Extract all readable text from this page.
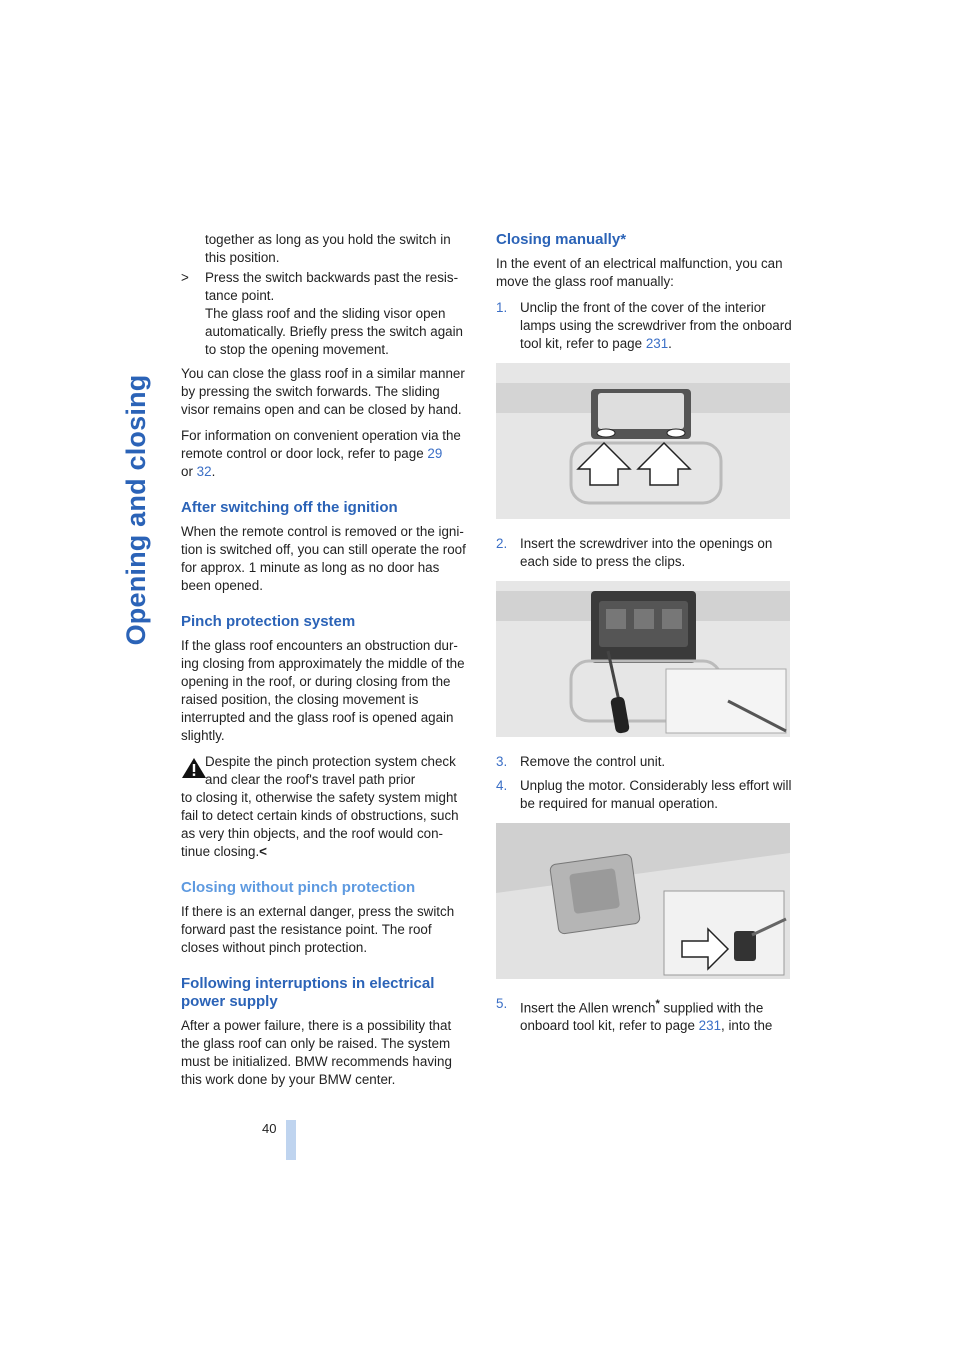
Opening and closing
40

together as long as you hold the switch in this position.

>	Press the switch backwards past the resis-tance point.
The glass roof and the sliding visor open automatically. Briefly press the switch again to stop the opening movement.

You can close the glass roof in a similar manner by pressing the switch forwards. The sliding visor remains open and can be closed by hand.

For information on convenient operation via the remote control or door lock, refer to page 29
or 32.

After switching off the ignition

When the remote control is removed or the igni-tion is switched off, you can still operate the roof for approx. 1 minute as long as no door has been opened.

Pinch protection system

If the glass roof encounters an obstruction dur-ing closing from approximately the middle of the opening in the roof, or during closing from the raised position, the closing movement is interrupted and the glass roof is opened again slightly.

Despite the pinch protection system check and clear the roof's travel path prior
to closing it, otherwise the safety system might fail to detect certain kinds of obstructions, such as very thin objects, and the roof would con-tinue closing.<
Closing without pinch protection

If there is an external danger, press the switch forward past the resistance point. The roof closes without pinch protection.

Following interruptions in electrical power supply

After a power failure, there is a possibility that the glass roof can only be raised. The system must be initialized. BMW recommends having this work done by your BMW center.

Closing manually*

In the event of an electrical malfunction, you can move the glass roof manually:

1. Unclip the front of the cover of the interior lamps using the screwdriver from the onboard tool kit, refer to page 231.
2. Insert the screwdriver into the openings on each side to press the clips.
3. Remove the control unit.
4. Unplug the motor. Considerably less effort will be required for manual operation.
5. Insert the Allen wrench* supplied with the onboard tool kit, refer to page 231, into the
